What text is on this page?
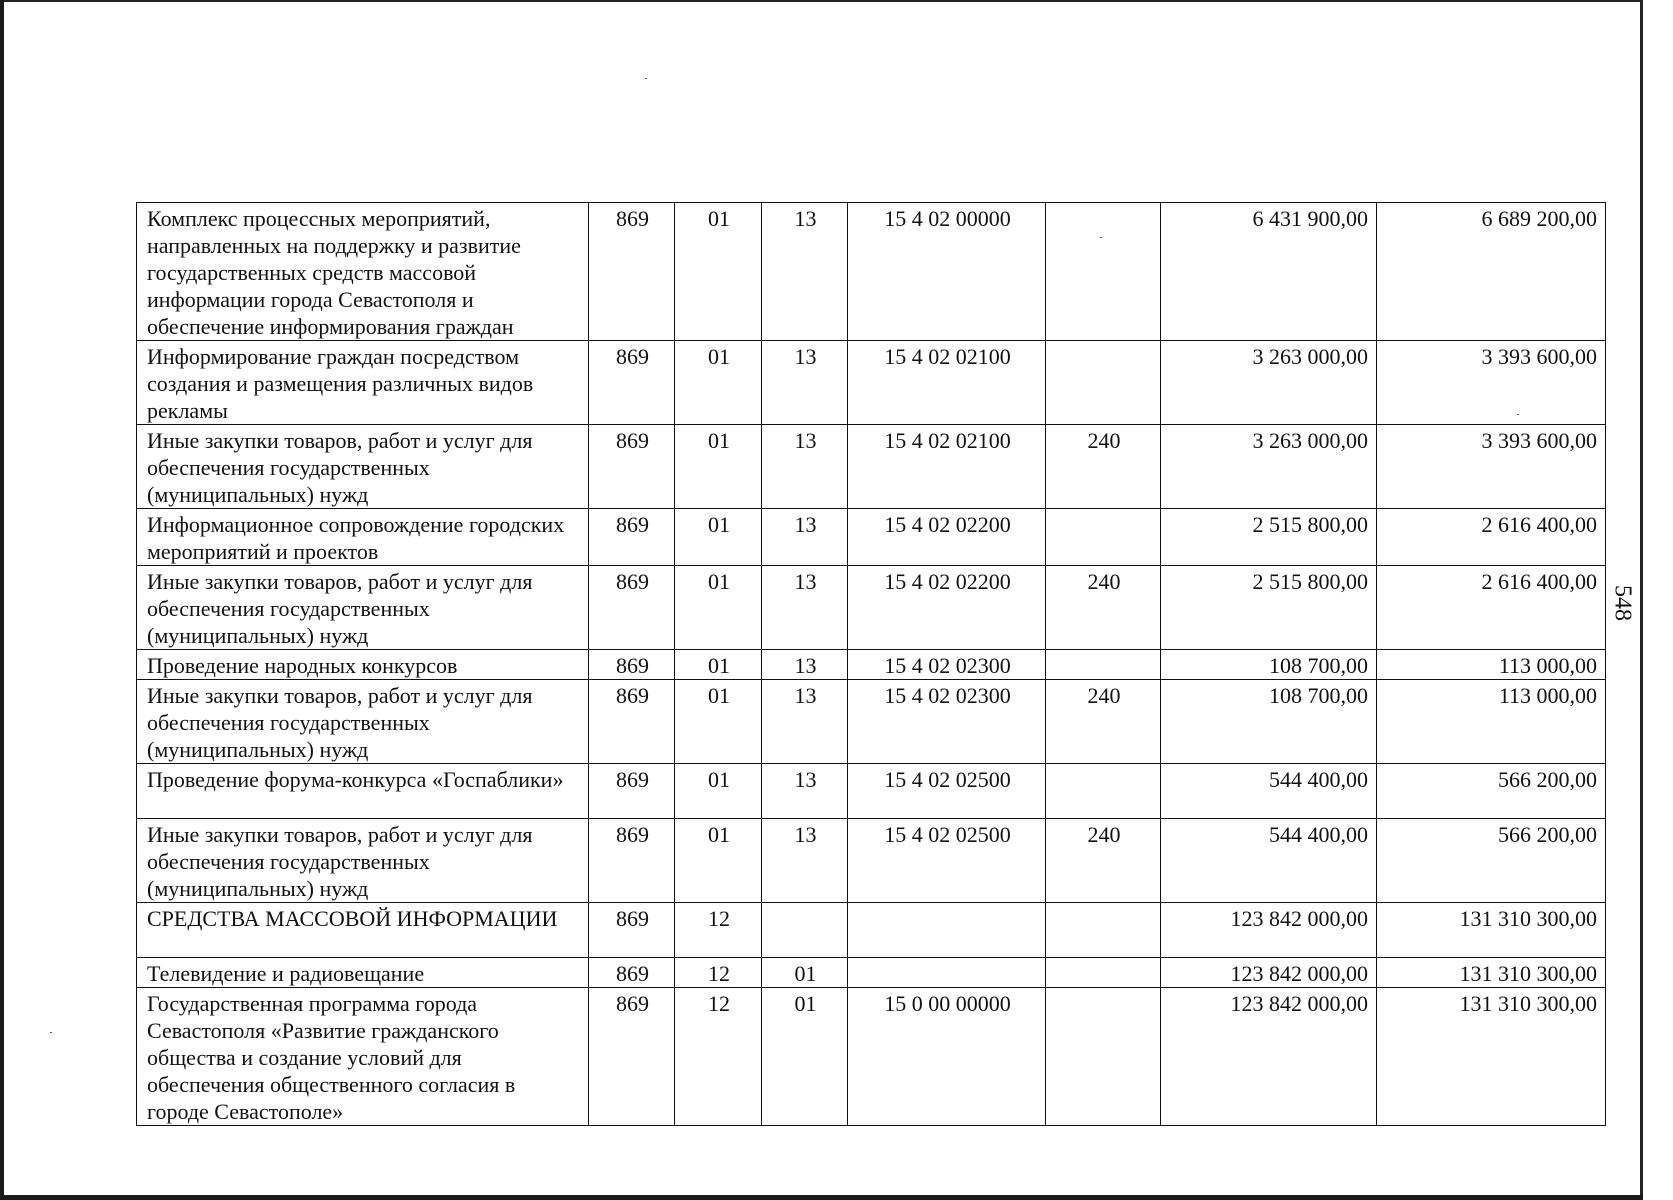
548
Комплекс процессных мероприятий, направленных на поддержку и развитие государственных средств массовой информации города Севастополя и обеспечение информирования граждан	869	01	13	15 4 02 00000		6 431 900,00	6 689 200,00
Информирование граждан посредством создания и размещения различных видов рекламы	869	01	13	15 4 02 02100		3 263 000,00	3 393 600,00
Иные закупки товаров, работ и услуг для обеспечения государственных (муниципальных) нужд	869	01	13	15 4 02 02100	240	3 263 000,00	3 393 600,00
Информационное сопровождение городских мероприятий и проектов	869	01	13	15 4 02 02200		2 515 800,00	2 616 400,00
Иные закупки товаров, работ и услуг для обеспечения государственных (муниципальных) нужд	869	01	13	15 4 02 02200	240	2 515 800,00	2 616 400,00
Проведение народных конкурсов	869	01	13	15 4 02 02300		108 700,00	113 000,00
Иные закупки товаров, работ и услуг для обеспечения государственных (муниципальных) нужд	869	01	13	15 4 02 02300	240	108 700,00	113 000,00
Проведение форума-конкурса «Госпаблики»	869	01	13	15 4 02 02500		544 400,00	566 200,00
Иные закупки товаров, работ и услуг для обеспечения государственных (муниципальных) нужд	869	01	13	15 4 02 02500	240	544 400,00	566 200,00
СРЕДСТВА МАССОВОЙ ИНФОРМАЦИИ	869	12				123 842 000,00	131 310 300,00
Телевидение и радиовещание	869	12	01			123 842 000,00	131 310 300,00
Государственная программа города Севастополя «Развитие гражданского общества и создание условий для обеспечения общественного согласия в городе Севастополе»	869	12	01	15 0 00 00000		123 842 000,00	131 310 300,00
